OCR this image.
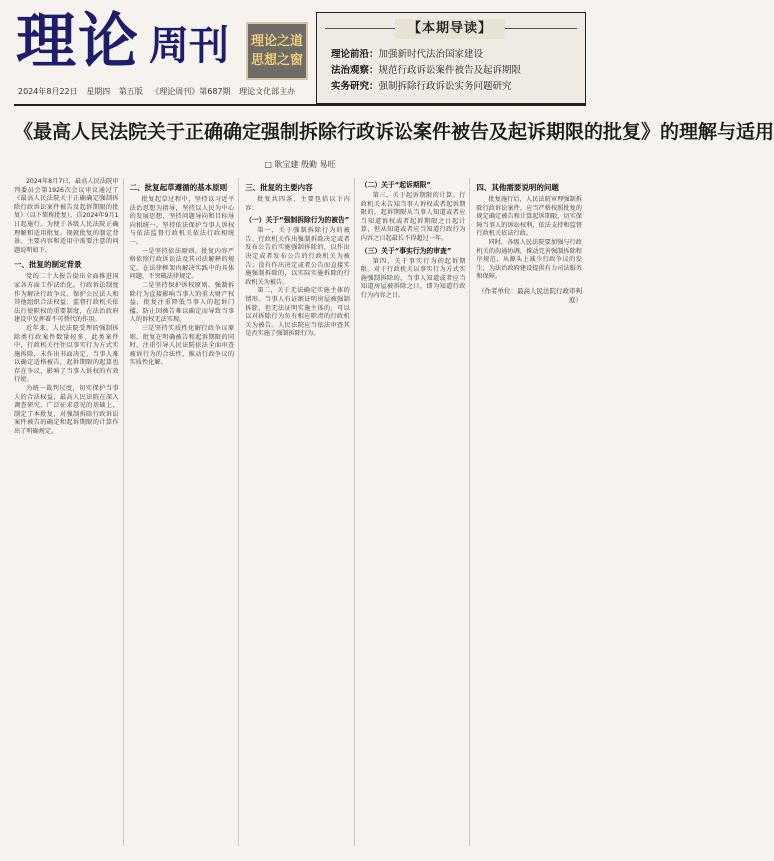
理论 周刊 理论之道
思想之窗
2024年8月22日 星期四 第五版 《理论周刊》第687期 理论文化部主办
【本期导读】
理论前沿：加强新时代法治国家建设
法治观察：规范行政诉讼案件被告及起诉期限
实务研究：强制拆除行政诉讼实务问题研究
《最高人民法院关于正确确定强制拆除行政诉讼案件被告及起诉期限的批复》的理解与适用
□ 耿宝建 殷勤 易旺

2024年8月7日，最高人民法院审判委员会第1926次会议审议通过了《最高人民法院关于正确确定强制拆除行政诉讼案件被告及起诉期限的批复》（以下简称批复），自2024年9月1日起施行。为便于各级人民法院正确理解和适用批复，现就批复的制定背景、主要内容和适用中需要注意的问题说明如下。

一、批复的制定背景

党的二十大报告提出全面推进国家各方面工作法治化。行政诉讼制度作为解决行政争议、保护公民法人和其他组织合法权益、监督行政机关依法行使职权的重要制度，在法治政府建设中发挥着不可替代的作用。

近年来，人民法院受理的强制拆除类行政案件数量较多，此类案件中，行政机关往往以事实行为方式实施拆除，未作出书面决定，当事人难以确定适格被告，起诉期限的起算也存在争议，影响了当事人诉权的有效行使。

为统一裁判尺度，切实保护当事人的合法权益，最高人民法院在深入调查研究、广泛征求意见的基础上，制定了本批复，对强制拆除行政诉讼案件被告的确定和起诉期限的计算作出了明确规定。

二、批复起草遵循的基本原则

批复起草过程中，坚持以习近平法治思想为指导，坚持以人民为中心的发展思想，坚持问题导向和目标导向相统一，坚持依法保护当事人诉权与依法监督行政机关依法行政相统一。

一是坚持依法原则。批复内容严格依照行政诉讼法及其司法解释的规定，在法律框架内解决实践中的具体问题，不突破法律规定。

二是坚持保护诉权原则。强制拆除行为直接影响当事人的重大财产权益，批复注重降低当事人的起诉门槛，防止因被告难以确定而导致当事人的诉权无法实现。

三是坚持实质性化解行政争议原则。批复在明确被告和起诉期限的同时，注重引导人民法院依法全面审查被诉行为的合法性，推动行政争议的实质性化解。

三、批复的主要内容

批复共四条，主要包括以下内容：

（一）关于“强制拆除行为的被告”

第一，关于强制拆除行为的被告。行政机关作出强制拆除决定或者发布公告后实施强制拆除的，以作出决定或者发布公告的行政机关为被告；没有作出决定或者公告而直接实施强制拆除的，以实际实施拆除的行政机关为被告。

第二，关于无法确定实施主体的情形。当事人有证据证明房屋被强制拆除，但无法证明实施主体的，可以以对拆除行为负有相应职责的行政机关为被告。人民法院应当依法审查其是否实施了强制拆除行为。

（二）关于“起诉期限”

第三，关于起诉期限的计算。行政机关未告知当事人诉权或者起诉期限的，起诉期限从当事人知道或者应当知道诉权或者起诉期限之日起计算，但从知道或者应当知道行政行为内容之日起最长不得超过一年。

（三）关于“事实行为的审查”

第四，关于事实行为的起诉期限。对于行政机关以事实行为方式实施强制拆除的，当事人知道或者应当知道房屋被拆除之日，即为知道行政行为内容之日。

四、其他需要说明的问题

批复施行后，人民法院审理强制拆除行政诉讼案件，应当严格按照批复的规定确定被告和计算起诉期限，切实保障当事人的诉讼权利，依法支持和监督行政机关依法行政。

同时，各级人民法院要加强与行政机关的沟通协调，推动完善强制拆除程序规范，从源头上减少行政争议的发生，为法治政府建设提供有力司法服务和保障。

（作者单位：最高人民法院行政审判庭）
